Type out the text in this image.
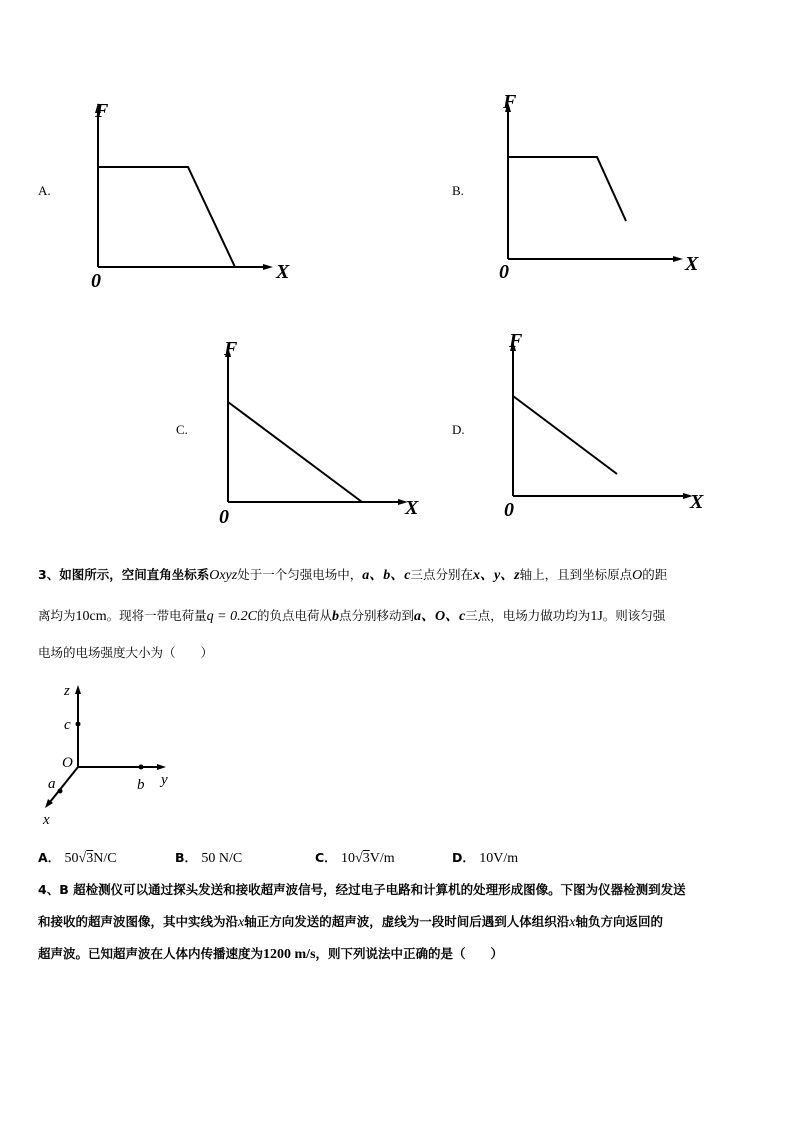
A.	B.
C.	D.
F
X
0
F
X
0
F
X
0
F
X
0
3、如图所示，空间直角坐标系Oxyz处于一个匀强电场中，a、b、c三点分别在x、y、z轴上，且到坐标原点O的距
离均为10cm。现将一带电荷量q = 0.2C的负点电荷从b点分别移动到a、O、c三点，电场力做功均为1J。则该匀强
电场的电场强度大小为（　　）
z
c
O
a	b y
x
A． 50√3N/C	B． 50 N/C	C． 10√3V/m	D． 10V/m
4、B 超检测仪可以通过探头发送和接收超声波信号，经过电子电路和计算机的处理形成图像。下图为仪器检测到发送
和接收的超声波图像，其中实线为沿x轴正方向发送的超声波，虚线为一段时间后遇到人体组织沿x轴负方向返回的
超声波。已知超声波在人体内传播速度为1200 m/s，则下列说法中正确的是（　　）
